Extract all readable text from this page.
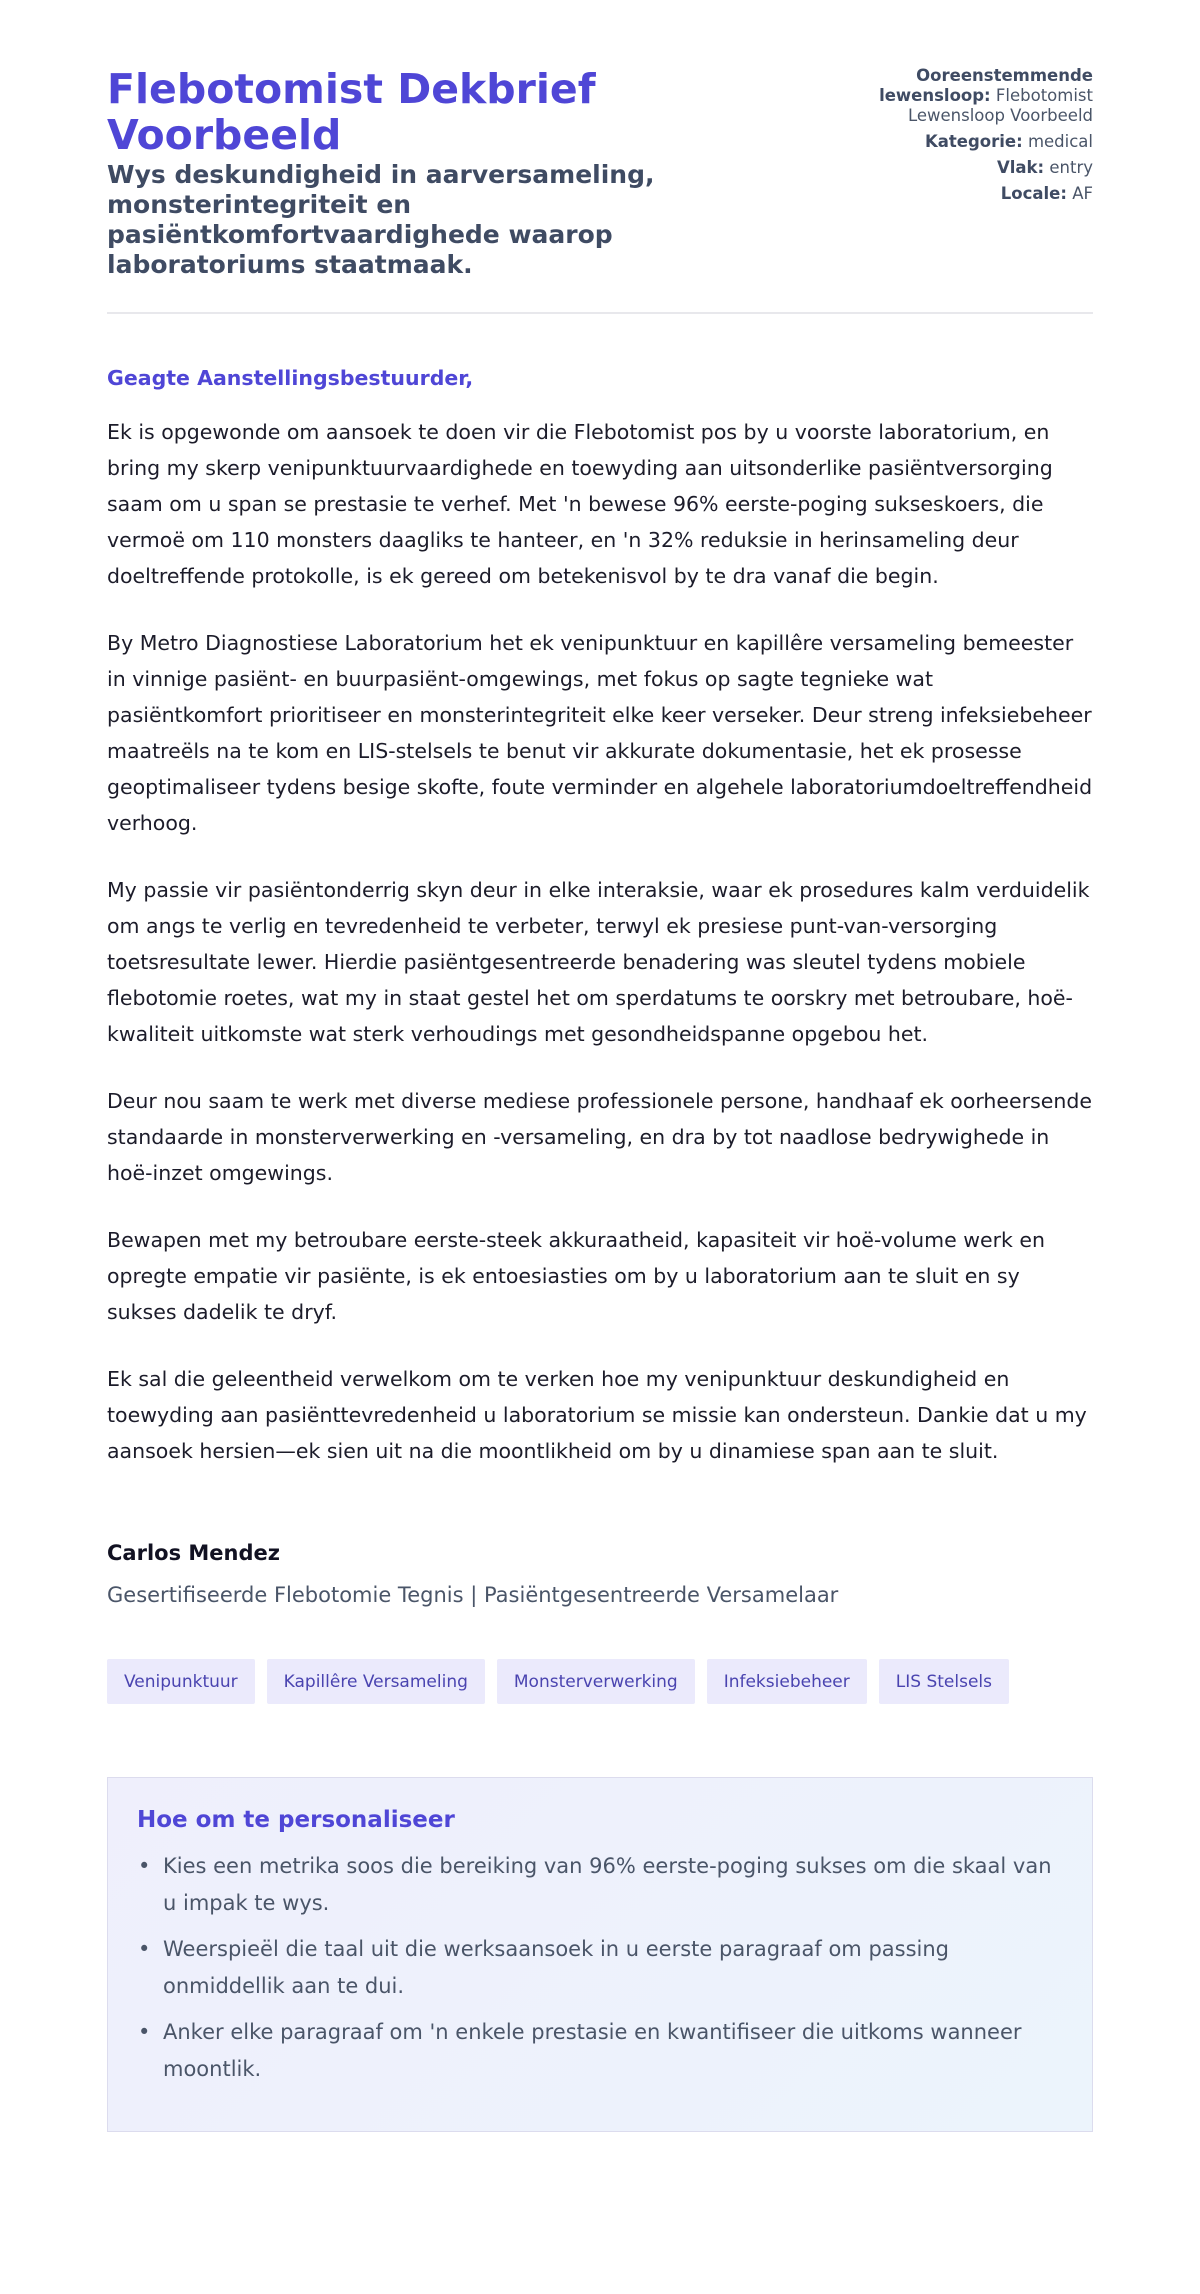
Flebotomist Dekbrief Voorbeeld
Wys deskundigheid in aarversameling, monsterintegriteit en pasiëntkomfortvaardighede waarop laboratoriums staatmaak.
Ooreenstemmende lewensloop: Flebotomist Lewensloop Voorbeeld
Kategorie: medical
Vlak: entry
Locale: AF

Geagte Aanstellingsbestuurder,

Ek is opgewonde om aansoek te doen vir die Flebotomist pos by u voorste laboratorium, en bring my skerp venipunktuurvaardighede en toewyding aan uitsonderlike pasiëntversorging saam om u span se prestasie te verhef. Met 'n bewese 96% eerste-poging sukseskoers, die vermoë om 110 monsters daagliks te hanteer, en 'n 32% reduksie in herinsameling deur doeltreffende protokolle, is ek gereed om betekenisvol by te dra vanaf die begin.

By Metro Diagnostiese Laboratorium het ek venipunktuur en kapillêre versameling bemeester in vinnige pasiënt- en buurpasiënt-omgewings, met fokus op sagte tegnieke wat pasiëntkomfort prioritiseer en monsterintegriteit elke keer verseker. Deur streng infeksiebeheer maatreëls na te kom en LIS-stelsels te benut vir akkurate dokumentasie, het ek prosesse geoptimaliseer tydens besige skofte, foute verminder en algehele laboratoriumdoeltreffendheid verhoog.

My passie vir pasiëntonderrig skyn deur in elke interaksie, waar ek prosedures kalm verduidelik om angs te verlig en tevredenheid te verbeter, terwyl ek presiese punt-van-versorging toetsresultate lewer. Hierdie pasiëntgesentreerde benadering was sleutel tydens mobiele flebotomie roetes, wat my in staat gestel het om sperdatums te oorskry met betroubare, hoë-kwaliteit uitkomste wat sterk verhoudings met gesondheidspanne opgebou het.

Deur nou saam te werk met diverse mediese professionele persone, handhaaf ek oorheersende standaarde in monsterverwerking en -versameling, en dra by tot naadlose bedrywighede in hoë-inzet omgewings.

Bewapen met my betroubare eerste-steek akkuraatheid, kapasiteit vir hoë-volume werk en opregte empatie vir pasiënte, is ek entoesiasties om by u laboratorium aan te sluit en sy sukses dadelik te dryf.

Ek sal die geleentheid verwelkom om te verken hoe my venipunktuur deskundigheid en toewyding aan pasiënttevredenheid u laboratorium se missie kan ondersteun. Dankie dat u my aansoek hersien—ek sien uit na die moontlikheid om by u dinamiese span aan te sluit.

Carlos Mendez
Gesertifiseerde Flebotomie Tegnis | Pasiëntgesentreerde Versamelaar
Venipunktuur	Kapillêre Versameling	Monsterverwerking	Infeksiebeheer	LIS Stelsels
Hoe om te personaliseer
• Kies een metrika soos die bereiking van 96% eerste-poging sukses om die skaal van u impak te wys.
• Weerspieël die taal uit die werksaansoek in u eerste paragraaf om passing onmiddellik aan te dui.
• Anker elke paragraaf om 'n enkele prestasie en kwantifiseer die uitkoms wanneer moontlik.
